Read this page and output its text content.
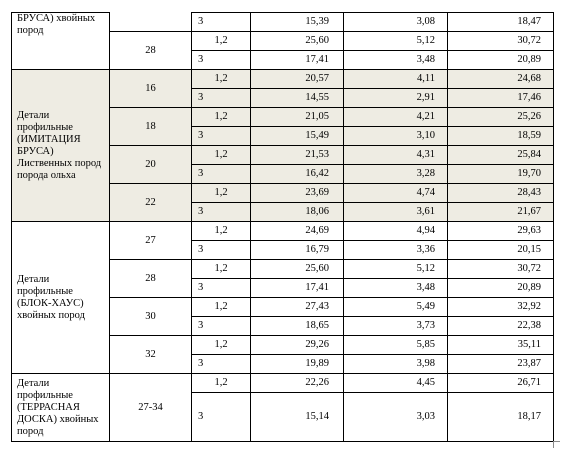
БРУСА) хвойных пород		3	15,39	3,08	18,47
	28	1,2	25,60	5,12	30,72
		3	17,41	3,48	20,89
Детали профильные (ИМИТАЦИЯ БРУСА) Лиственных пород породa ольха	16	1,2	20,57	4,11	24,68
		3	14,55	2,91	17,46
	18	1,2	21,05	4,21	25,26
		3	15,49	3,10	18,59
	20	1,2	21,53	4,31	25,84
		3	16,42	3,28	19,70
	22	1,2	23,69	4,74	28,43
		3	18,06	3,61	21,67
Детали профильные (БЛОК-ХАУС) хвойных пород	27	1,2	24,69	4,94	29,63
		3	16,79	3,36	20,15
	28	1,2	25,60	5,12	30,72
		3	17,41	3,48	20,89
	30	1,2	27,43	5,49	32,92
		3	18,65	3,73	22,38
	32	1,2	29,26	5,85	35,11
		3	19,89	3,98	23,87
Детали профильные (ТЕРРАСНАЯ ДОСКА) хвойных пород	27-34	1,2	22,26	4,45	26,71
		3	15,14	3,03	18,17
